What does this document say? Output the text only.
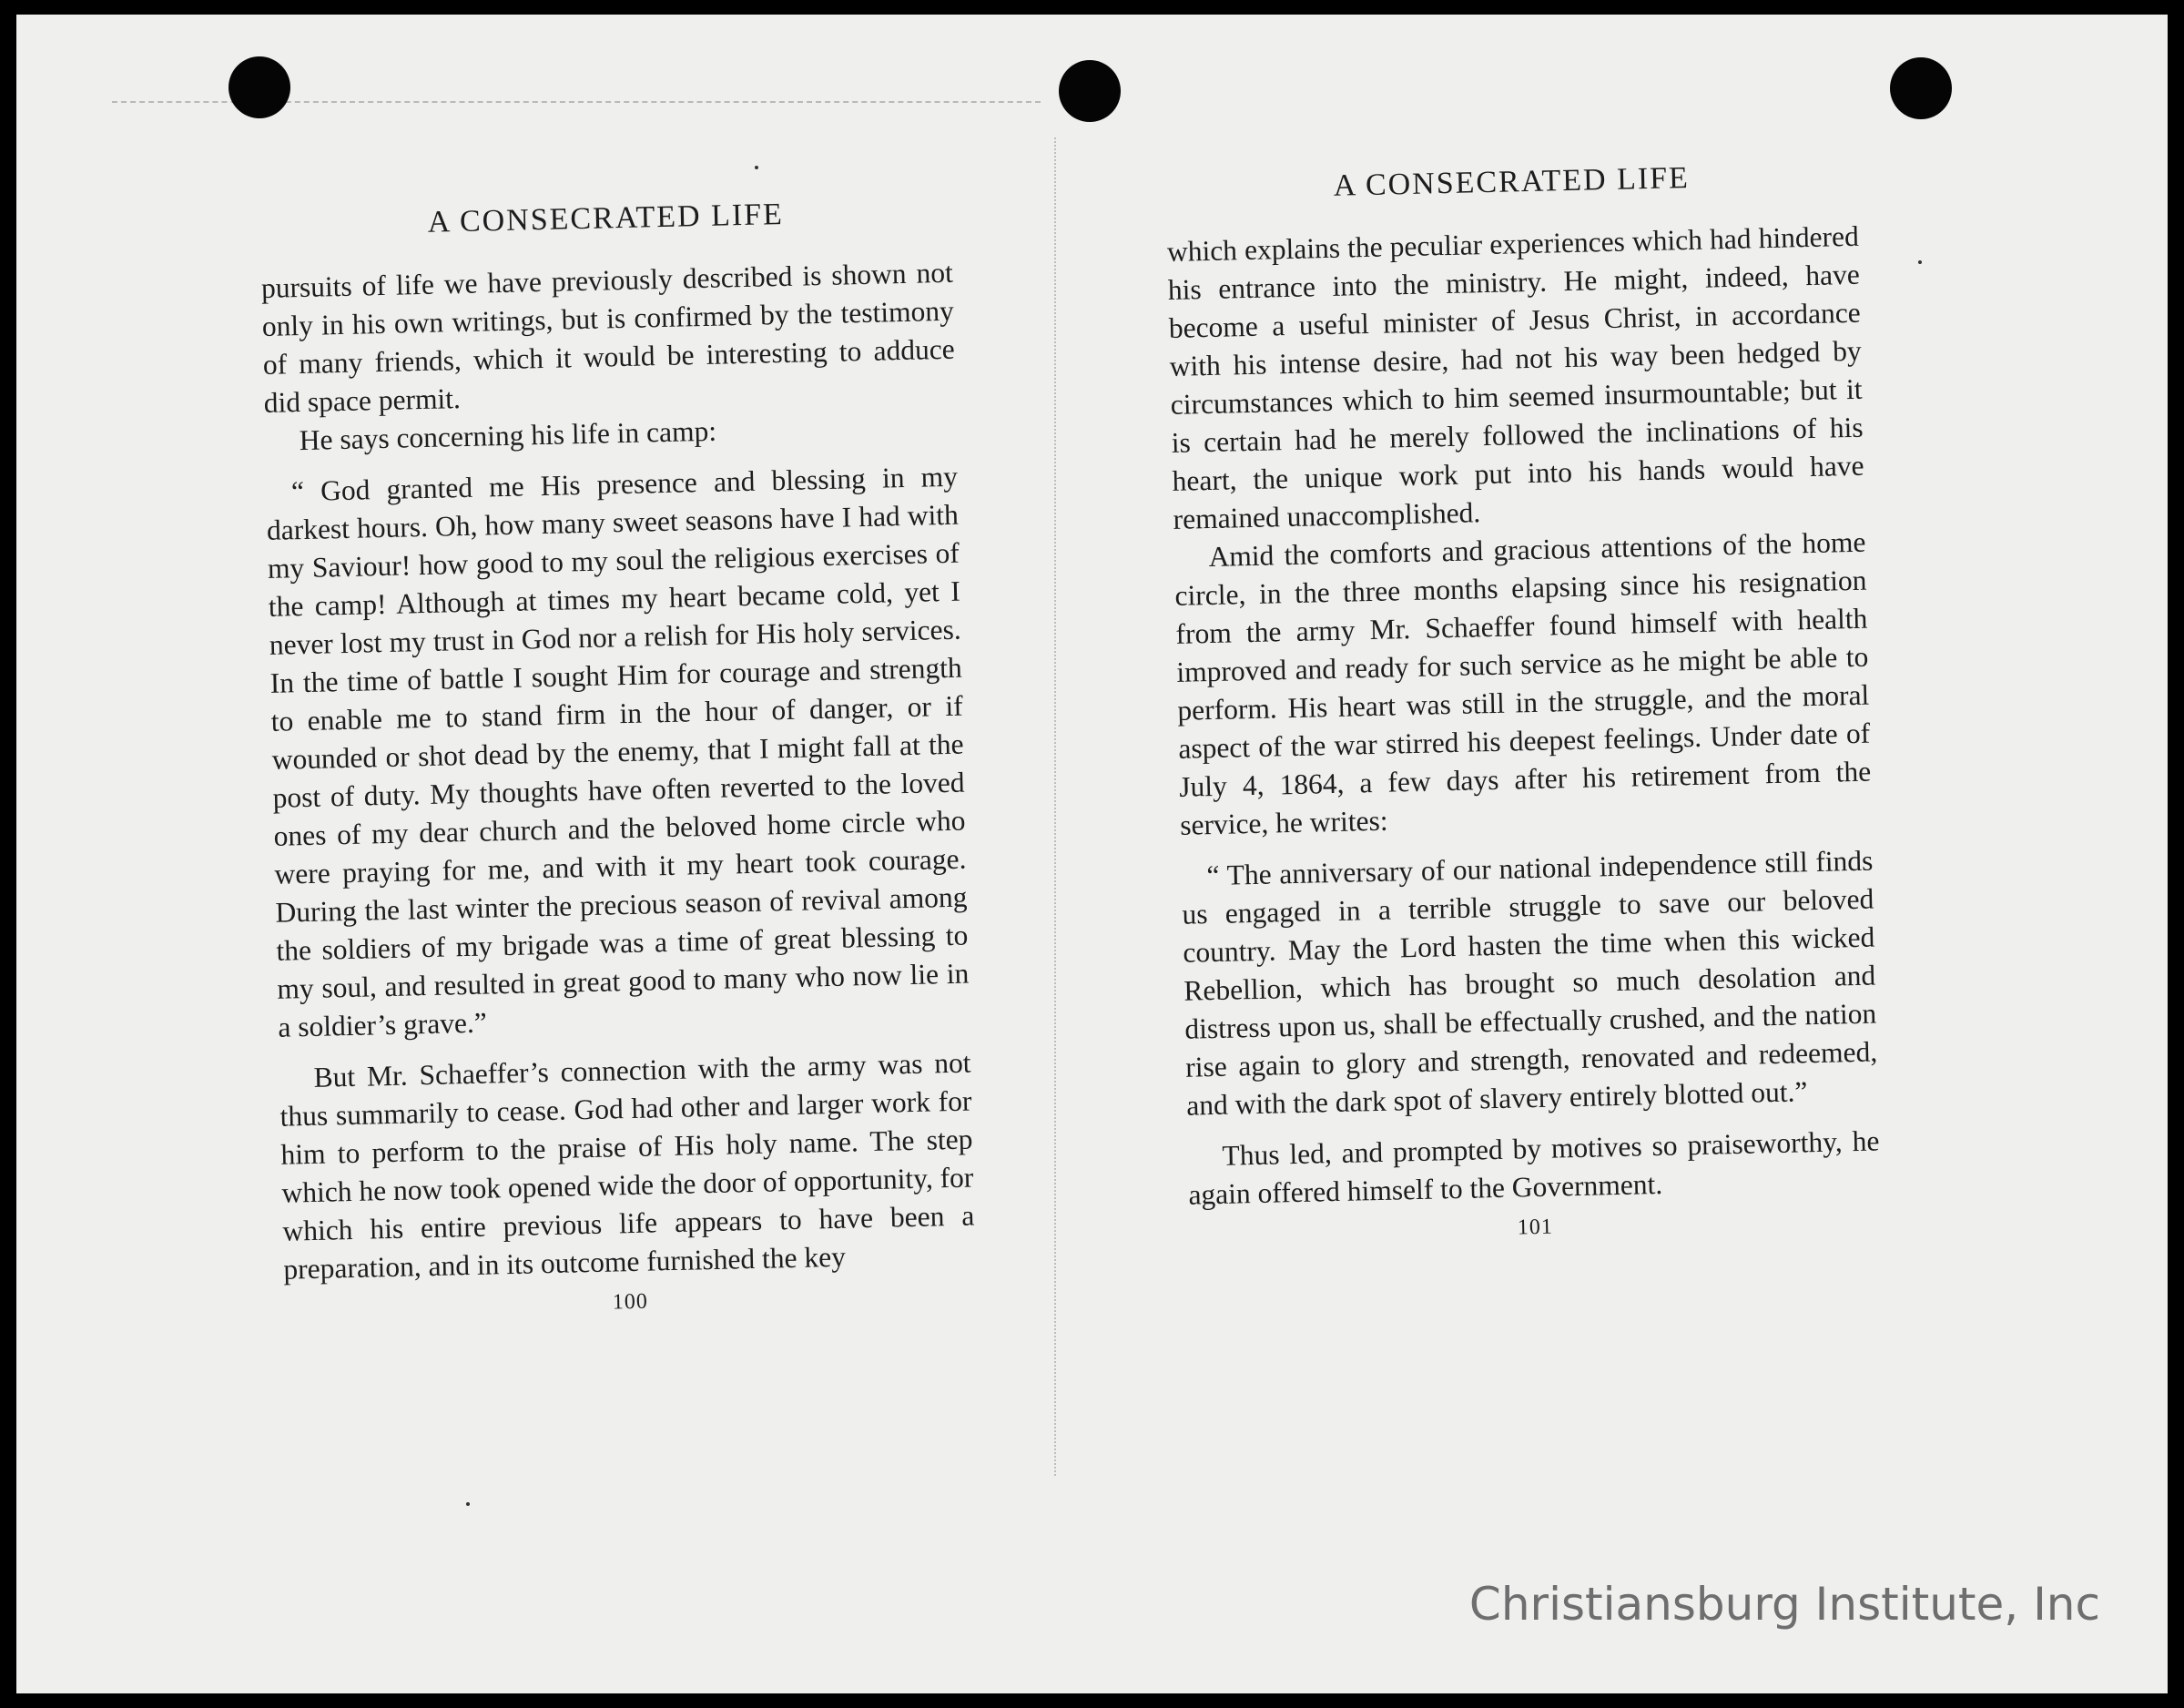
A CONSECRATED LIFE

pursuits of life we have previously described is shown not only in his own writings, but is confirmed by the testimony of many friends, which it would be interesting to adduce did space permit.

He says concerning his life in camp:

“ God granted me His presence and blessing in my darkest hours. Oh, how many sweet seasons have I had with my Saviour! how good to my soul the religious exercises of the camp! Although at times my heart became cold, yet I never lost my trust in God nor a relish for His holy services. In the time of battle I sought Him for courage and strength to enable me to stand firm in the hour of danger, or if wounded or shot dead by the enemy, that I might fall at the post of duty. My thoughts have often reverted to the loved ones of my dear church and the beloved home circle who were praying for me, and with it my heart took courage. During the last winter the precious season of revival among the soldiers of my brigade was a time of great blessing to my soul, and resulted in great good to many who now lie in a soldier’s grave.”

But Mr. Schaeffer’s connection with the army was not thus summarily to cease. God had other and larger work for him to perform to the praise of His holy name. The step which he now took opened wide the door of opportunity, for which his entire previous life appears to have been a preparation, and in its outcome furnished the key

100
A CONSECRATED LIFE

which explains the peculiar experiences which had hindered his entrance into the ministry. He might, indeed, have become a useful minister of Jesus Christ, in accordance with his intense desire, had not his way been hedged by circumstances which to him seemed insurmountable; but it is certain had he merely followed the inclinations of his heart, the unique work put into his hands would have remained unaccomplished.

Amid the comforts and gracious attentions of the home circle, in the three months elapsing since his resignation from the army Mr. Schaeffer found himself with health improved and ready for such service as he might be able to perform. His heart was still in the struggle, and the moral aspect of the war stirred his deepest feelings. Under date of July 4, 1864, a few days after his retirement from the service, he writes:

“ The anniversary of our national independence still finds us engaged in a terrible struggle to save our beloved country. May the Lord hasten the time when this wicked Rebellion, which has brought so much desolation and distress upon us, shall be effectually crushed, and the nation rise again to glory and strength, renovated and redeemed, and with the dark spot of slavery entirely blotted out.”

Thus led, and prompted by motives so praiseworthy, he again offered himself to the Government.

101
Christiansburg Institute, Inc
